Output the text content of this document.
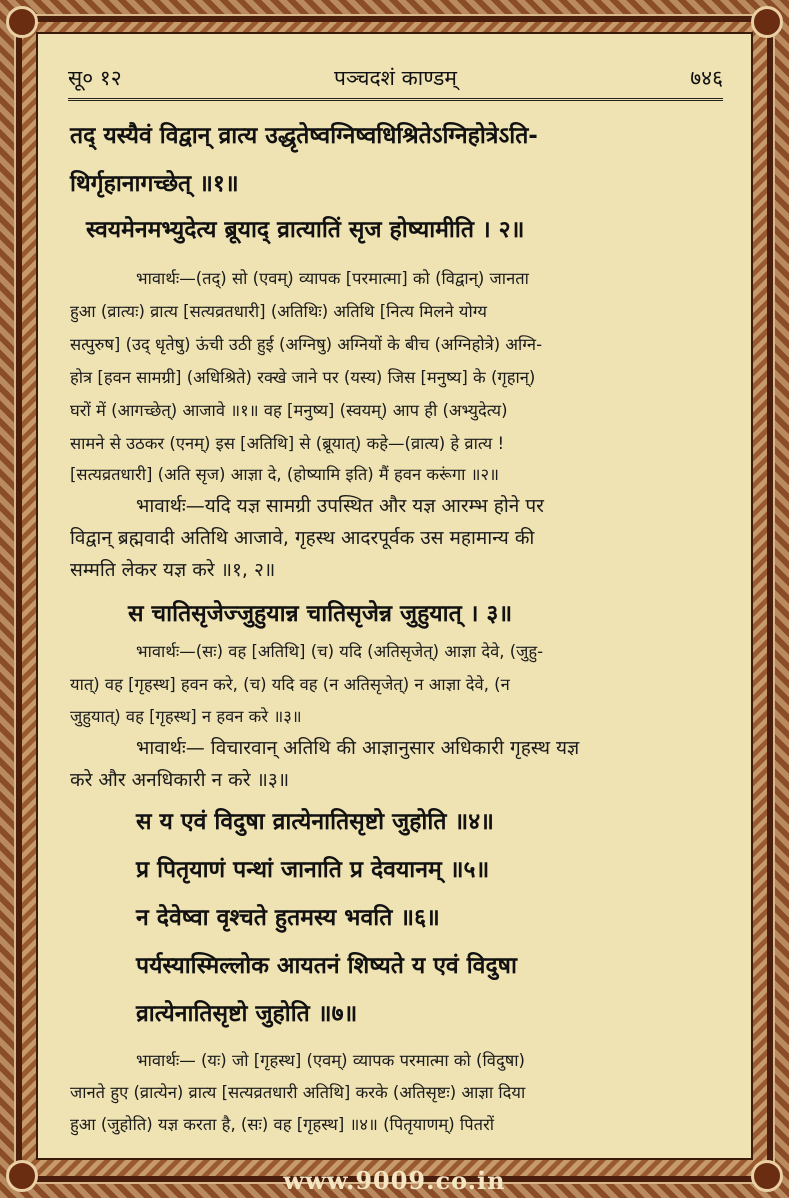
सू० १२	पञ्चदशं काण्डम्	७४६
तद् यस्यैवं विद्वान् व्रात्य उद्धृतेष्वग्निष्वधिश्रितेऽग्निहोत्रेऽति-
थिर्गृहानागच्छेत् ॥१॥
स्वयमेनमभ्युदेत्य ब्रूयाद् व्रात्यातिं सृज होष्यामीति । २॥
भावार्थः—(तद्) सो (एवम्) व्यापक [परमात्मा] को (विद्वान्) जानता
हुआ (व्रात्यः) व्रात्य [सत्यव्रतधारी] (अतिथिः) अतिथि [नित्य मिलने योग्य
सत्पुरुष] (उद् धृतेषु) ऊंची उठी हुई (अग्निषु) अग्नियों के बीच (अग्निहोत्रे) अग्नि-
होत्र [हवन सामग्री] (अधिश्रिते) रक्खे जाने पर (यस्य) जिस [मनुष्य] के (गृहान्)
घरों में (आगच्छेत्) आजावे ॥१॥ वह [मनुष्य] (स्वयम्) आप ही (अभ्युदेत्य)
सामने से उठकर (एनम्) इस [अतिथि] से (ब्रूयात्) कहे—(व्रात्य) हे व्रात्य !
[सत्यव्रतधारी] (अति सृज) आज्ञा दे, (होष्यामि इति) मैं हवन करूंगा ॥२॥
भावार्थः—यदि यज्ञ सामग्री उपस्थित और यज्ञ आरम्भ होने पर
विद्वान् ब्रह्मवादी अतिथि आजावे, गृहस्थ आदरपूर्वक उस महामान्य की
सम्मति लेकर यज्ञ करे ॥१, २॥
स चातिसृजेज्जुहुयान्न चातिसृजेन्न जुहुयात् । ३॥
भावार्थः—(सः) वह [अतिथि] (च) यदि (अतिसृजेत्) आज्ञा देवे, (जुहु-
यात्) वह [गृहस्थ] हवन करे, (च) यदि वह (न अतिसृजेत्) न आज्ञा देवे, (न
जुहुयात्) वह [गृहस्थ] न हवन करे ॥३॥
भावार्थः— विचारवान् अतिथि की आज्ञानुसार अधिकारी गृहस्थ यज्ञ
करे और अनधिकारी न करे ॥३॥
स य एवं विदुषा व्रात्येनातिसृष्टो जुहोति ॥४॥
प्र पितृयाणं पन्थां जानाति प्र देवयानम् ॥५॥
न देवेष्वा वृश्चते हुतमस्य भवति ॥६॥
पर्यस्यास्मिल्लोक आयतनं शिष्यते य एवं विदुषा
व्रात्येनातिसृष्टो जुहोति ॥७॥
भावार्थः— (यः) जो [गृहस्थ] (एवम्) व्यापक परमात्मा को (विदुषा)
जानते हुए (व्रात्येन) व्रात्य [सत्यव्रतधारी अतिथि] करके (अतिसृष्टः) आज्ञा दिया
हुआ (जुहोति) यज्ञ करता है, (सः) वह [गृहस्थ] ॥४॥ (पितृयाणम्) पितरों
www.9009.co.in
